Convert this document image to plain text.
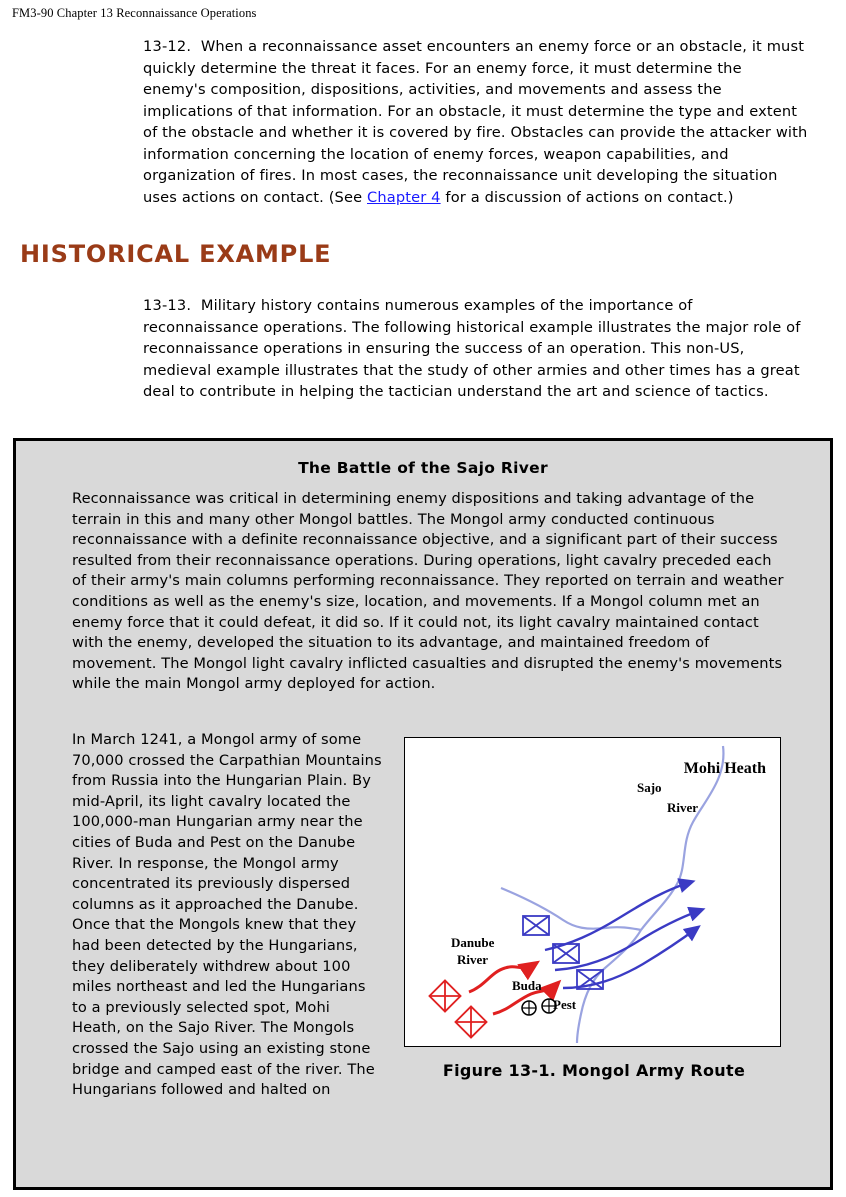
FM3-90 Chapter 13 Reconnaissance Operations
13-12. When a reconnaissance asset encounters an enemy force or an obstacle, it must quickly determine the threat it faces. For an enemy force, it must determine the enemy's composition, dispositions, activities, and movements and assess the implications of that information. For an obstacle, it must determine the type and extent of the obstacle and whether it is covered by fire. Obstacles can provide the attacker with information concerning the location of enemy forces, weapon capabilities, and organization of fires. In most cases, the reconnaissance unit developing the situation uses actions on contact. (See Chapter 4 for a discussion of actions on contact.)
HISTORICAL EXAMPLE
13-13. Military history contains numerous examples of the importance of reconnaissance operations. The following historical example illustrates the major role of reconnaissance operations in ensuring the success of an operation. This non-US, medieval example illustrates that the study of other armies and other times has a great deal to contribute in helping the tactician understand the art and science of tactics.
The Battle of the Sajo River
Reconnaissance was critical in determining enemy dispositions and taking advantage of the terrain in this and many other Mongol battles. The Mongol army conducted continuous reconnaissance with a definite reconnaissance objective, and a significant part of their success resulted from their reconnaissance operations. During operations, light cavalry preceded each of their army's main columns performing reconnaissance. They reported on terrain and weather conditions as well as the enemy's size, location, and movements. If a Mongol column met an enemy force that it could defeat, it did so. If it could not, its light cavalry maintained contact with the enemy, developed the situation to its advantage, and maintained freedom of movement. The Mongol light cavalry inflicted casualties and disrupted the enemy's movements while the main Mongol army deployed for action.
In March 1241, a Mongol army of some 70,000 crossed the Carpathian Mountains from Russia into the Hungarian Plain. By mid-April, its light cavalry located the 100,000-man Hungarian army near the cities of Buda and Pest on the Danube River. In response, the Mongol army concentrated its previously dispersed columns as it approached the Danube. Once that the Mongols knew that they had been detected by the Hungarians, they deliberately withdrew about 100 miles northeast and led the Hungarians to a previously selected spot, Mohi Heath, on the Sajo River. The Mongols crossed the Sajo using an existing stone bridge and camped east of the river. The Hungarians followed and halted on
Mohi Heath
Sajo
River
Danube
River
Buda
Pest
Figure 13-1. Mongol Army Route
